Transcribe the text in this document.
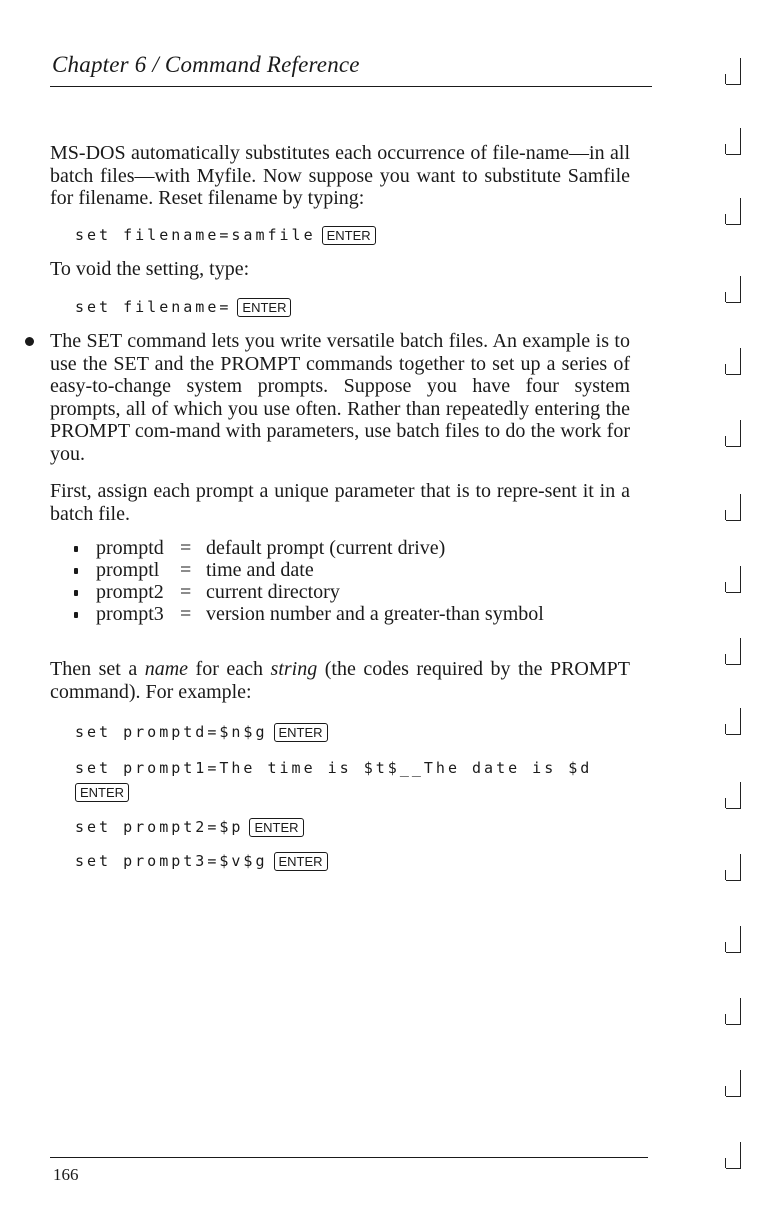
Chapter 6 / Command Reference
MS-DOS automatically substitutes each occurrence of file-name—in all batch files—with Myfile. Now suppose you want to substitute Samfile for filename. Reset filename by typing:
set filename=samfile ENTER
To void the setting, type:
set filename= ENTER
The SET command lets you write versatile batch files. An example is to use the SET and the PROMPT commands together to set up a series of easy-to-change system prompts. Suppose you have four system prompts, all of which you use often. Rather than repeatedly entering the PROMPT com-mand with parameters, use batch files to do the work for you.
First, assign each prompt a unique parameter that is to repre-sent it in a batch file.
promptd = default prompt (current drive)
promptl = time and date
prompt2 = current directory
prompt3 = version number and a greater-than symbol
Then set a name for each string (the codes required by the PROMPT command). For example:
set promptd=$n$g ENTER
set prompt1=The time is $t$__The date is $d
ENTER
set prompt2=$p ENTER
set prompt3=$v$g ENTER
166
